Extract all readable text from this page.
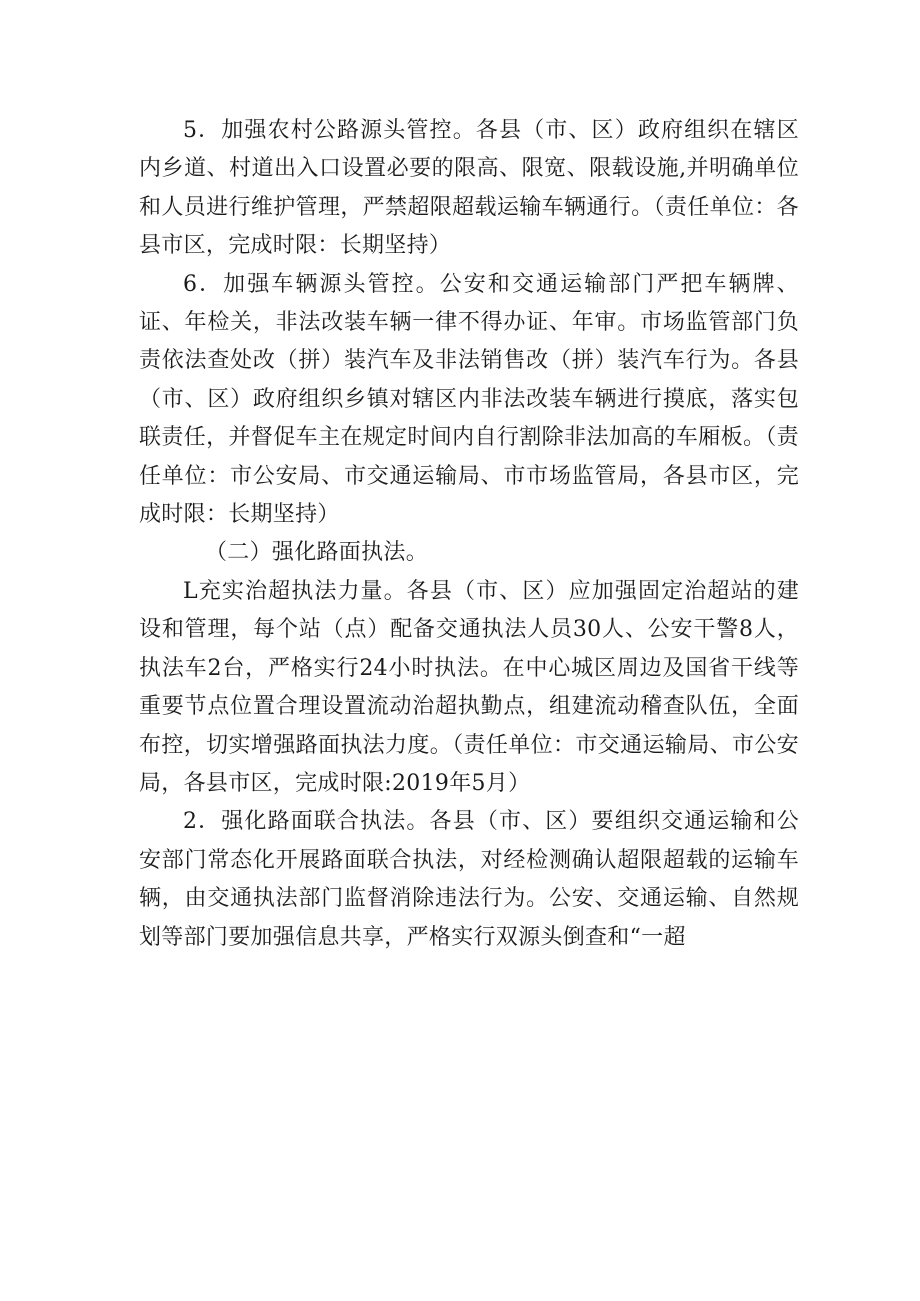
5．加强农村公路源头管控。各县（市、区）政府组织在辖区内乡道、村道出入口设置必要的限高、限宽、限载设施,并明确单位和人员进行维护管理，严禁超限超载运输车辆通行。（责任单位：各县市区，完成时限：长期坚持）

6．加强车辆源头管控。公安和交通运输部门严把车辆牌、证、年检关，非法改装车辆一律不得办证、年审。市场监管部门负责依法查处改（拼）装汽车及非法销售改（拼）装汽车行为。各县（市、区）政府组织乡镇对辖区内非法改装车辆进行摸底，落实包联责任，并督促车主在规定时间内自行割除非法加高的车厢板。（责任单位：市公安局、市交通运输局、市市场监管局，各县市区，完成时限：长期坚持）

（二）强化路面执法。

L充实治超执法力量。各县（市、区）应加强固定治超站的建设和管理，每个站（点）配备交通执法人员30人、公安干警8人，执法车2台，严格实行24小时执法。在中心城区周边及国省干线等重要节点位置合理设置流动治超执勤点，组建流动稽查队伍，全面布控，切实增强路面执法力度。（责任单位：市交通运输局、市公安局，各县市区，完成时限:2019年5月）

2．强化路面联合执法。各县（市、区）要组织交通运输和公安部门常态化开展路面联合执法，对经检测确认超限超载的运输车辆，由交通执法部门监督消除违法行为。公安、交通运输、自然规划等部门要加强信息共享，严格实行双源头倒查和“一超
